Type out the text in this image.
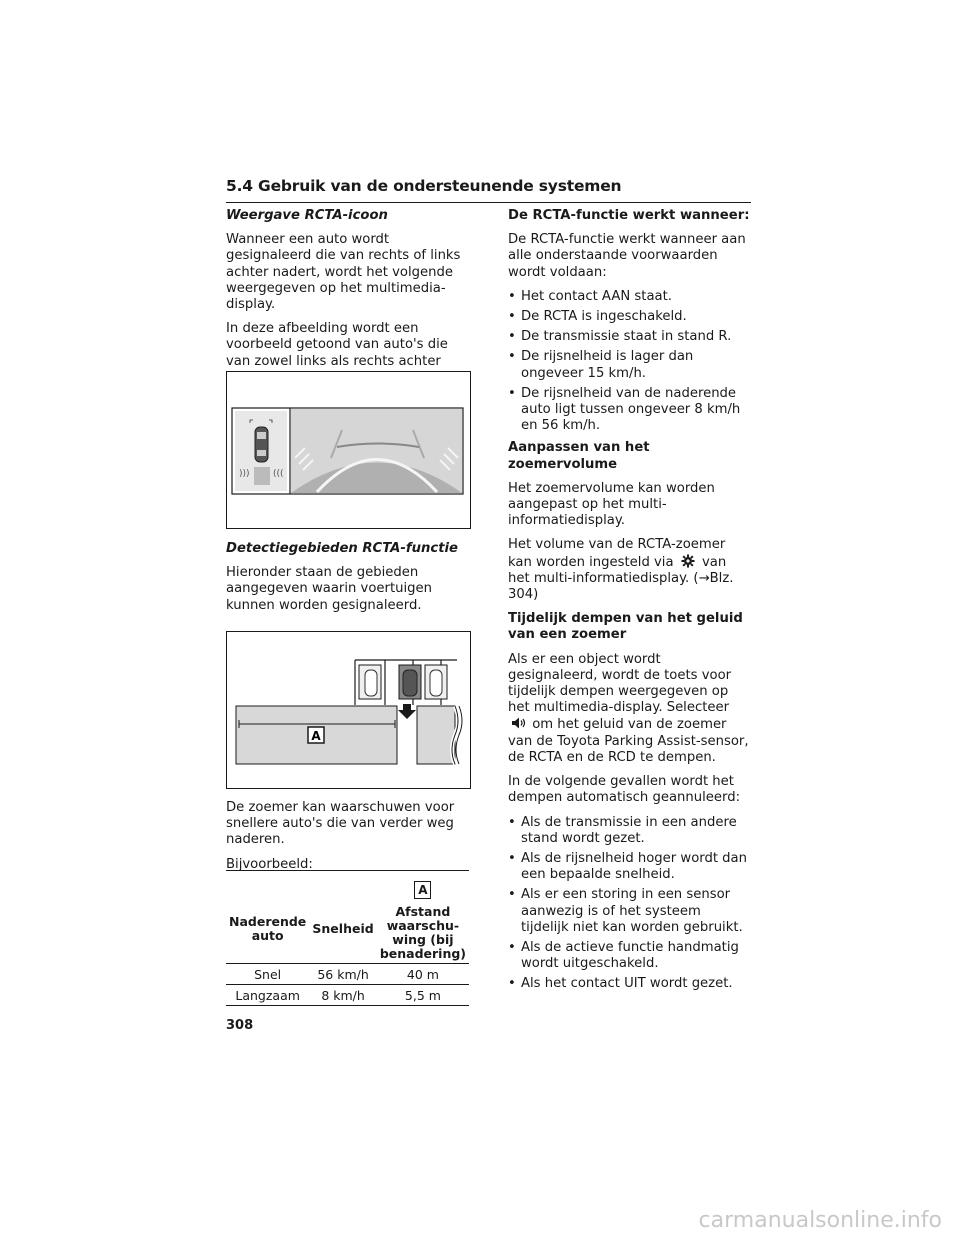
5.4 Gebruik van de ondersteunende systemen

Weergave RCTA-icoon

Wanneer een auto wordt gesignaleerd die van rechts of links achter nadert, wordt het volgende weergegeven op het multimedia-display.

In deze afbeelding wordt een voorbeeld getoond van auto's die van zowel links als rechts achter

)))	(((

Detectiegebieden RCTA-functie

Hieronder staan de gebieden aangegeven waarin voertuigen kunnen worden gesignaleerd.

A

De zoemer kan waarschuwen voor snellere auto's die van verder weg naderen.

Bijvoorbeeld:

Naderende auto	Snelheid	A
Afstand waarschu-wing (bij benadering)

Snel	56 km/h	40 m
Langzaam	8 km/h	5,5 m

De RCTA-functie werkt wanneer:

De RCTA-functie werkt wanneer aan alle onderstaande voorwaarden wordt voldaan:

• Het contact AAN staat.
• De RCTA is ingeschakeld.
• De transmissie staat in stand R.
• De rijsnelheid is lager dan ongeveer 15 km/h.
• De rijsnelheid van de naderende auto ligt tussen ongeveer 8 km/h en 56 km/h.

Aanpassen van het zoemervolume

Het zoemervolume kan worden aangepast op het multi-informatiedisplay.

Het volume van de RCTA-zoemer kan worden ingesteld via van het multi-informatiedisplay. (→Blz. 304)

Tijdelijk dempen van het geluid van een zoemer

Als er een object wordt gesignaleerd, wordt de toets voor tijdelijk dempen weergegeven op het multimedia-display. Selecteer  om het geluid van de zoemer van de Toyota Parking Assist-sensor, de RCTA en de RCD te dempen.

In de volgende gevallen wordt het dempen automatisch geannuleerd:

• Als de transmissie in een andere stand wordt gezet.
• Als de rijsnelheid hoger wordt dan een bepaalde snelheid.
• Als er een storing in een sensor aanwezig is of het systeem tijdelijk niet kan worden gebruikt.
• Als de actieve functie handmatig wordt uitgeschakeld.
• Als het contact UIT wordt gezet.
308
carmanualsonline.info
